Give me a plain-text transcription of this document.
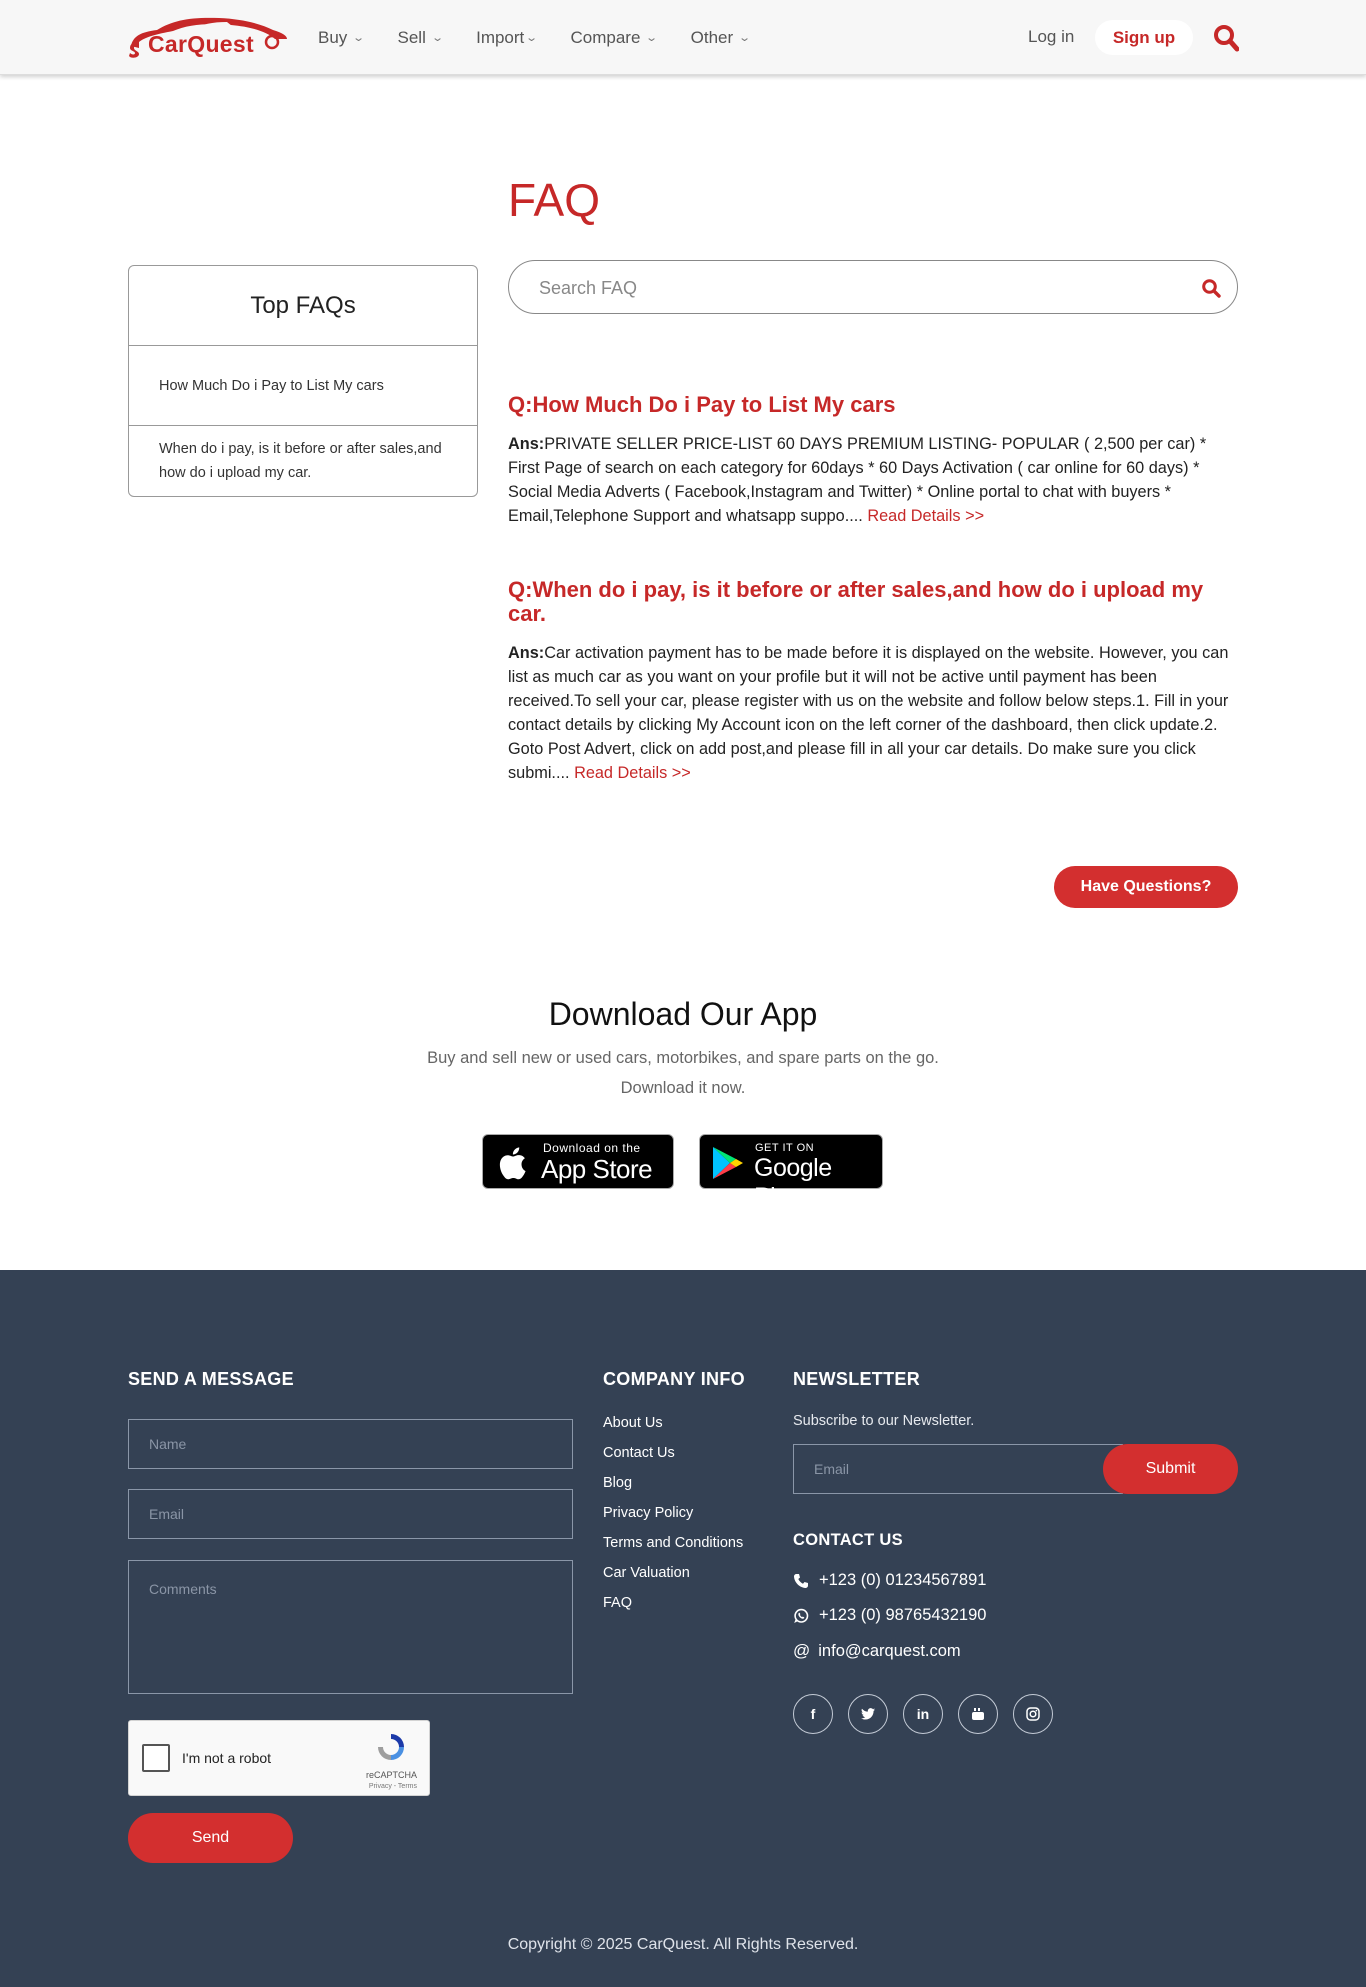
CarQuest	Buy ⌄ Sell ⌄ Import ⌄ Compare ⌄ Other ⌄	Log in	Sign up
FAQ
Top FAQs
How Much Do i Pay to List My cars
When do i pay, is it before or after sales,and how do i upload my car.
Search FAQ
Q:How Much Do i Pay to List My cars
Ans:PRIVATE SELLER PRICE-LIST 60 DAYS PREMIUM LISTING- POPULAR ( 2,500 per car) * First Page of search on each category for 60days * 60 Days Activation ( car online for 60 days) * Social Media Adverts ( Facebook,Instagram and Twitter) * Online portal to chat with buyers * Email,Telephone Support and whatsapp suppo.... Read Details >>
Q:When do i pay, is it before or after sales,and how do i upload my car.
Ans:Car activation payment has to be made before it is displayed on the website. However, you can list as much car as you want on your profile but it will not be active until payment has been received.To sell your car, please register with us on the website and follow below steps.1. Fill in your contact details by clicking My Account icon on the left corner of the dashboard, then click update.2. Goto Post Advert, click on add post,and please fill in all your car details. Do make sure you click submi.... Read Details >>
Have Questions?
Download Our App
Buy and sell new or used cars, motorbikes, and spare parts on the go.
Download it now.
Download on the
App Store
GET IT ON
Google Play
SEND A MESSAGE
Name
Email
Comments
I'm not a robot
reCAPTCHA
Privacy - Terms
Send
COMPANY INFO
About Us
Contact Us
Blog
Privacy Policy
Terms and Conditions
Car Valuation
FAQ
NEWSLETTER
Subscribe to our Newsletter.
Email
Submit
CONTACT US
+123 (0) 01234567891
+123 (0) 98765432190
@ info@carquest.com
f	in
Copyright © 2025 CarQuest. All Rights Reserved.
